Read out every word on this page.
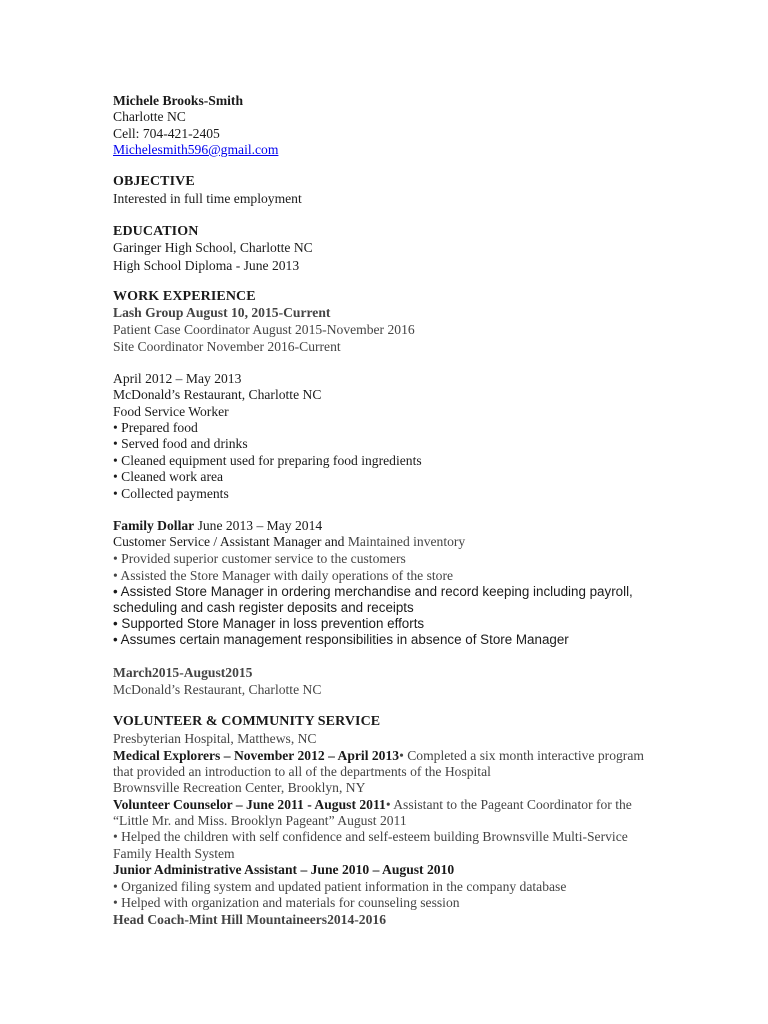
Michele Brooks-Smith
Charlotte NC
Cell: 704-421-2405
Michelesmith596@gmail.com
OBJECTIVE
Interested in full time employment
EDUCATION
Garinger High School, Charlotte NC
High School Diploma - June 2013
WORK EXPERIENCE
Lash Group August 10, 2015-Current
Patient Case Coordinator August 2015-November 2016
Site Coordinator November 2016-Current
April 2012 – May 2013
McDonald’s Restaurant, Charlotte NC
Food Service Worker
• Prepared food
• Served food and drinks
• Cleaned equipment used for preparing food ingredients
• Cleaned work area
• Collected payments
Family Dollar June 2013 – May 2014
Customer Service / Assistant Manager and Maintained inventory
• Provided superior customer service to the customers
• Assisted the Store Manager with daily operations of the store
• Assisted Store Manager in ordering merchandise and record keeping including payroll,
scheduling and cash register deposits and receipts
• Supported Store Manager in loss prevention efforts
• Assumes certain management responsibilities in absence of Store Manager
March2015-August2015
McDonald’s Restaurant, Charlotte NC
VOLUNTEER & COMMUNITY SERVICE
Presbyterian Hospital, Matthews, NC
Medical Explorers – November 2012 – April 2013• Completed a six month interactive program
that provided an introduction to all of the departments of the Hospital
Brownsville Recreation Center, Brooklyn, NY
Volunteer Counselor – June 2011 - August 2011• Assistant to the Pageant Coordinator for the
“Little Mr. and Miss. Brooklyn Pageant” August 2011
• Helped the children with self confidence and self-esteem building Brownsville Multi-Service
Family Health System
Junior Administrative Assistant – June 2010 – August 2010
• Organized filing system and updated patient information in the company database
• Helped with organization and materials for counseling session
Head Coach-Mint Hill Mountaineers2014-2016
